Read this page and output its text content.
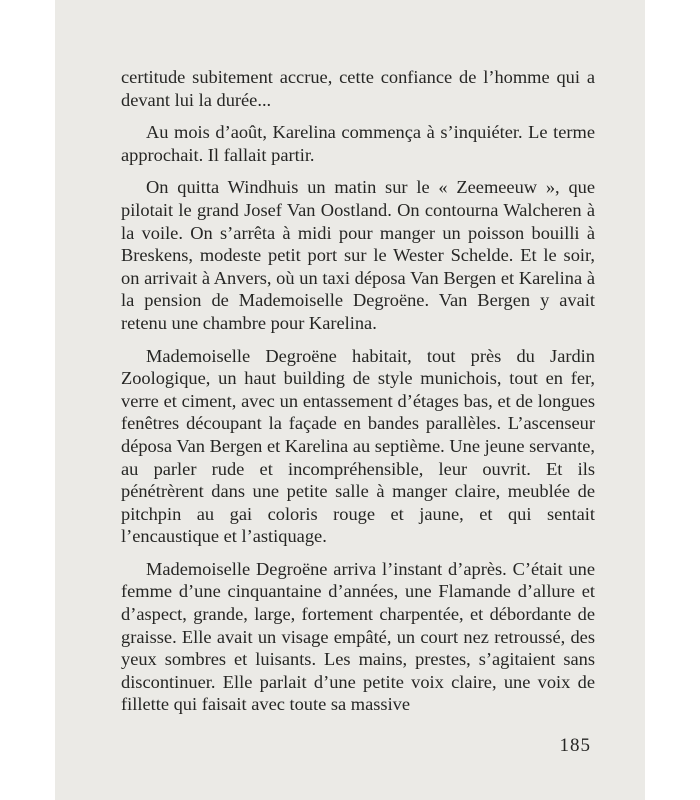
certitude subitement accrue, cette confiance de l’homme qui a devant lui la durée...

Au mois d’août, Karelina commença à s’inquiéter. Le terme approchait. Il fallait partir.

On quitta Windhuis un matin sur le « Zeemeeuw », que pilotait le grand Josef Van Oostland. On contourna Walcheren à la voile. On s’arrêta à midi pour manger un poisson bouilli à Breskens, modeste petit port sur le Wester Schelde. Et le soir, on arrivait à Anvers, où un taxi déposa Van Bergen et Karelina à la pension de Mademoiselle Degroëne. Van Bergen y avait retenu une chambre pour Karelina.

Mademoiselle Degroëne habitait, tout près du Jardin Zoologique, un haut building de style munichois, tout en fer, verre et ciment, avec un entassement d’étages bas, et de longues fenêtres découpant la façade en bandes parallèles. L’ascenseur déposa Van Bergen et Karelina au septième. Une jeune servante, au parler rude et incompréhensible, leur ouvrit. Et ils pénétrèrent dans une petite salle à manger claire, meublée de pitchpin au gai coloris rouge et jaune, et qui sentait l’encaustique et l’astiquage.

Mademoiselle Degroëne arriva l’instant d’après. C’était une femme d’une cinquantaine d’années, une Flamande d’allure et d’aspect, grande, large, fortement charpentée, et débordante de graisse. Elle avait un visage empâté, un court nez retroussé, des yeux sombres et luisants. Les mains, prestes, s’agitaient sans discontinuer. Elle parlait d’une petite voix claire, une voix de fillette qui faisait avec toute sa massive

185
